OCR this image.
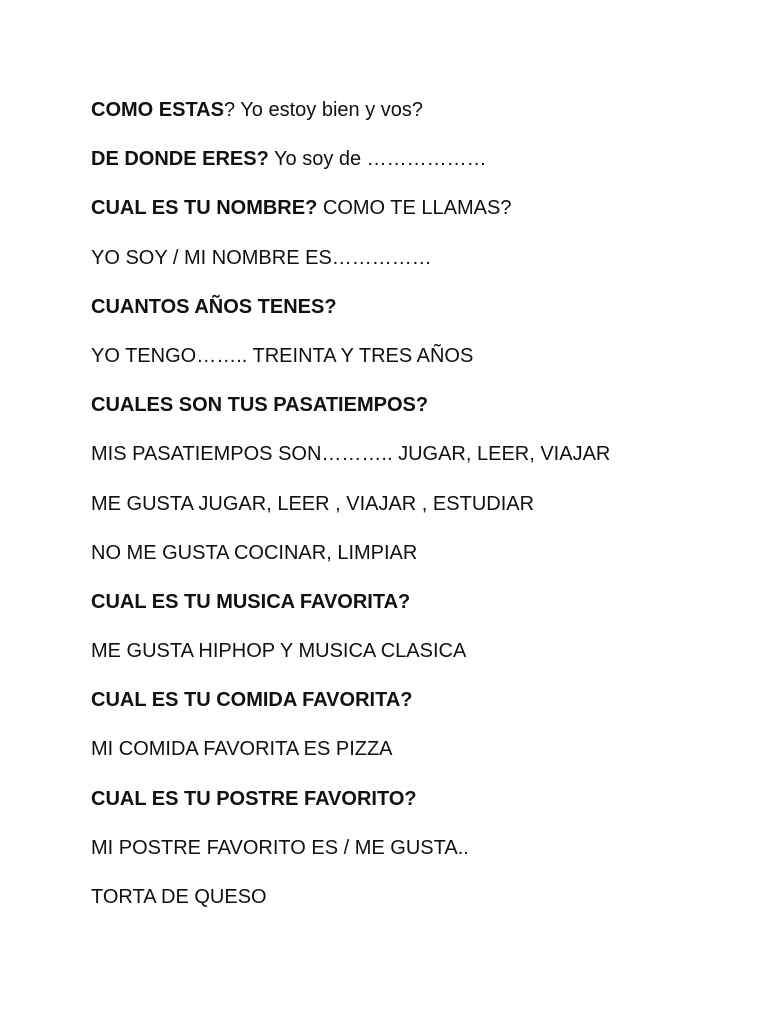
COMO ESTAS? Yo estoy bien y vos?
DE DONDE ERES? Yo soy de ………………
CUAL ES TU NOMBRE? COMO TE LLAMAS?
YO SOY / MI NOMBRE ES……………
CUANTOS AÑOS TENES?
YO TENGO…….. TREINTA Y TRES AÑOS
CUALES SON TUS PASATIEMPOS?
MIS PASATIEMPOS SON……….. JUGAR, LEER, VIAJAR
ME GUSTA JUGAR, LEER , VIAJAR , ESTUDIAR
NO ME GUSTA COCINAR, LIMPIAR
CUAL ES TU MUSICA FAVORITA?
ME GUSTA HIPHOP Y MUSICA CLASICA
CUAL ES TU COMIDA FAVORITA?
MI COMIDA FAVORITA ES PIZZA
CUAL ES TU POSTRE FAVORITO?
MI POSTRE FAVORITO ES / ME GUSTA..
TORTA DE QUESO
